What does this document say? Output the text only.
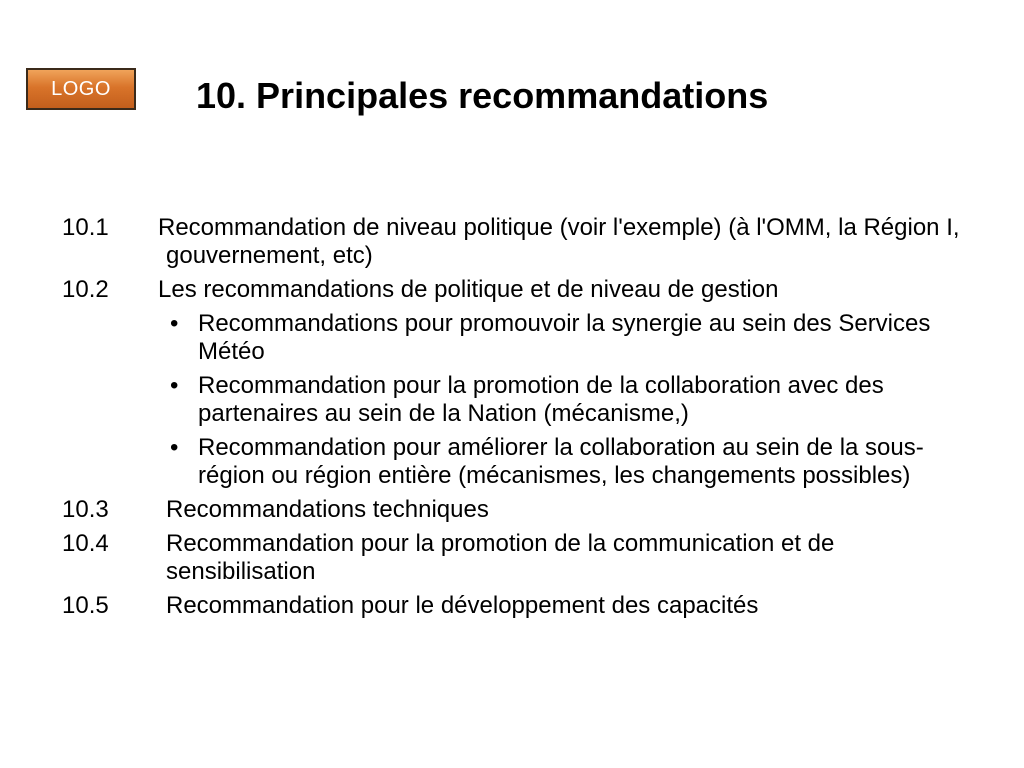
LOGO 10. Principales recommandations
10.1	Recommandation de niveau politique (voir l'exemple) (à l'OMM, la Région I, gouvernement, etc)
10.2	Les recommandations de politique et de niveau de gestion
• Recommandations pour promouvoir la synergie au sein des Services Météo
• Recommandation pour la promotion de la collaboration avec des partenaires au sein de la Nation (mécanisme,)
• Recommandation pour améliorer la collaboration au sein de la sous-région ou région entière (mécanismes, les changements possibles)
10.3	Recommandations techniques
10.4	Recommandation pour la promotion de la communication et de sensibilisation
10.5	Recommandation pour le développement des capacités
